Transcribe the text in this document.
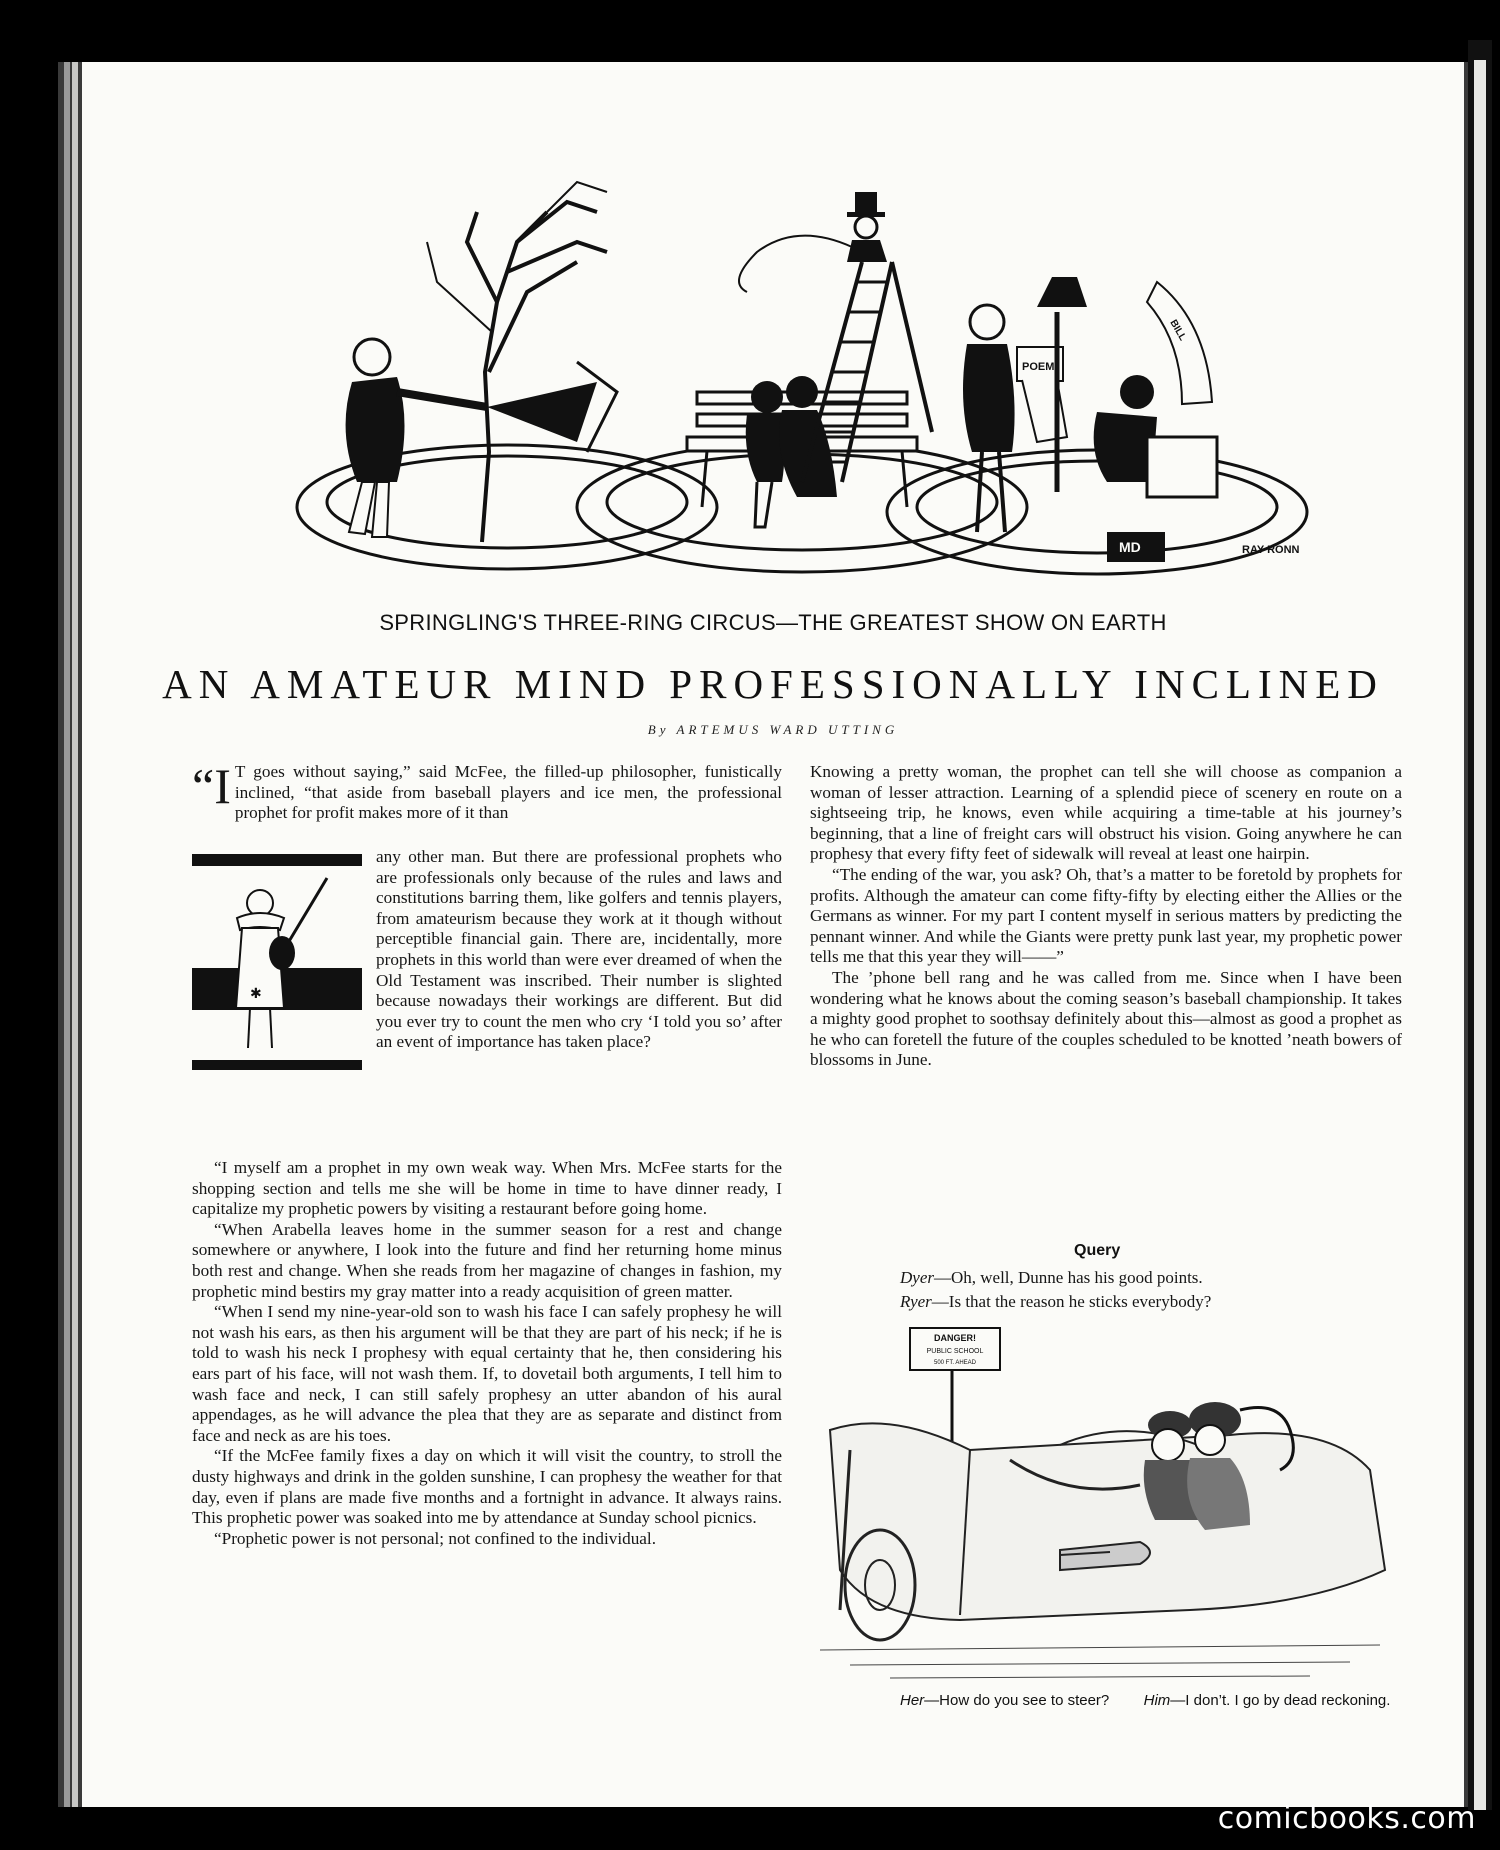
POEM
BILL
MD	RAY RONN
SPRINGLING'S THREE-RING CIRCUS—THE GREATEST SHOW ON EARTH
AN AMATEUR MIND PROFESSIONALLY INCLINED
By ARTEMUS WARD UTTING
“I T goes without saying,” said McFee, the filled-up philosopher, funistically inclined, “that aside from baseball players and ice men, the professional prophet for profit makes more of it than
✱

any other man. But there are professional prophets who are professionals only because of the rules and laws and constitutions barring them, like golfers and tennis players, from amateurism because they work at it though without perceptible financial gain. There are, incidentally, more prophets in this world than were ever dreamed of when the Old Testament was inscribed. Their number is slighted because nowadays their workings are different. But did you ever try to count the men who cry ‘I told you so’ after an event of importance has taken place?

“I myself am a prophet in my own weak way. When Mrs. McFee starts for the shopping section and tells me she will be home in time to have dinner ready, I capitalize my prophetic powers by visiting a restaurant before going home.

“When Arabella leaves home in the summer season for a rest and change somewhere or anywhere, I look into the future and find her returning home minus both rest and change. When she reads from her magazine of changes in fashion, my prophetic mind bestirs my gray matter into a ready acquisition of green matter.

“When I send my nine-year-old son to wash his face I can safely prophesy he will not wash his ears, as then his argument will be that they are part of his neck; if he is told to wash his neck I prophesy with equal certainty that he, then considering his ears part of his face, will not wash them. If, to dovetail both arguments, I tell him to wash face and neck, I can still safely prophesy an utter abandon of his aural appendages, as he will advance the plea that they are as separate and distinct from face and neck as are his toes.

“If the McFee family fixes a day on which it will visit the country, to stroll the dusty highways and drink in the golden sunshine, I can prophesy the weather for that day, even if plans are made five months and a fortnight in advance. It always rains. This prophetic power was soaked into me by attendance at Sunday school picnics.

“Prophetic power is not personal; not confined to the individual.

Knowing a pretty woman, the prophet can tell she will choose as companion a woman of lesser attraction. Learning of a splendid piece of scenery en route on a sightseeing trip, he knows, even while acquiring a time-table at his journey’s beginning, that a line of freight cars will obstruct his vision. Going anywhere he can prophesy that every fifty feet of sidewalk will reveal at least one hairpin.

“The ending of the war, you ask? Oh, that’s a matter to be foretold by prophets for profits. Although the amateur can come fifty-fifty by electing either the Allies or the Germans as winner. For my part I content myself in serious matters by predicting the pennant winner. And while the Giants were pretty punk last year, my prophetic power tells me that this year they will——”

The ’phone bell rang and he was called from me. Since when I have been wondering what he knows about the coming season’s baseball championship. It takes a mighty good prophet to soothsay definitely about this—almost as good a prophet as he who can foretell the future of the couples scheduled to be knotted ’neath bowers of blossoms in June.

Query
Dyer—Oh, well, Dunne has his good points.
Ryer—Is that the reason he sticks everybody?
DANGER!
PUBLIC SCHOOL
500 FT. AHEAD
Her—How do you see to steer? Him—I don’t. I go by dead reckoning.
comicbooks.com
